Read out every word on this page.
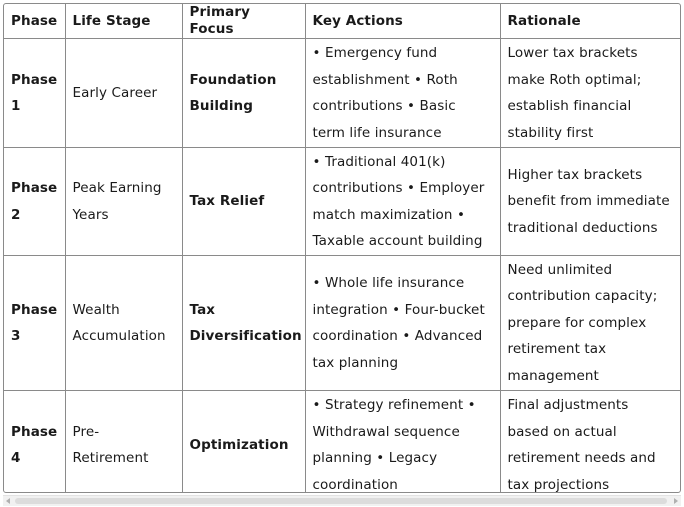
Phase	Life Stage	Primary Focus	Key Actions	Rationale
Phase 1	Early Career	Foundation Building	• Emergency fund establishment • Roth contributions • Basic term life insurance	Lower tax brackets make Roth optimal; establish financial stability first
Phase 2	Peak Earning Years	Tax Relief	• Traditional 401(k) contributions • Employer match maximization • Taxable account building	Higher tax brackets benefit from immediate traditional deductions
Phase 3	Wealth Accumulation	Tax Diversification	• Whole life insurance integration • Four-bucket coordination • Advanced tax planning	Need unlimited contribution capacity; prepare for complex retirement tax management
Phase 4	Pre-Retirement	Optimization	• Strategy refinement • Withdrawal sequence planning • Legacy coordination	Final adjustments based on actual retirement needs and tax projections
